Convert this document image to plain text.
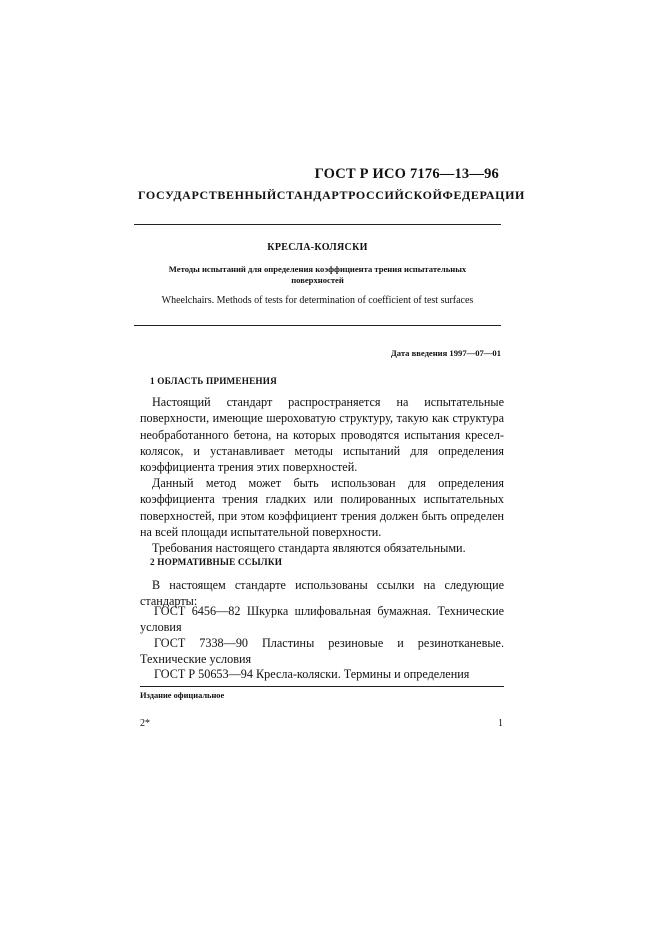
ГОСТ Р ИСО 7176—13—96
ГОСУДАРСТВЕННЫЙ СТАНДАРТ РОССИЙСКОЙ ФЕДЕРАЦИИ
КРЕСЛА-КОЛЯСКИ
Методы испытаний для определения коэффициента трения испытательных
поверхностей
Wheelchairs. Methods of tests for determination of coefficient of test surfaces
Дата введения 1997—07—01
1 ОБЛАСТЬ ПРИМЕНЕНИЯ
Настоящий стандарт распространяется на испытательные поверхности, имеющие шероховатую структуру, такую как структура необработанного бетона, на которых проводятся испытания кресел-колясок, и устанавливает методы испытаний для определения коэффициента трения этих поверхностей.
Данный метод может быть использован для определения коэффициента трения гладких или полированных испытательных поверхностей, при этом коэффициент трения должен быть определен на всей площади испытательной поверхности.
Требования настоящего стандарта являются обязательными.
2 НОРМАТИВНЫЕ ССЫЛКИ
В настоящем стандарте использованы ссылки на следующие стандарты:
ГОСТ 6456—82 Шкурка шлифовальная бумажная. Технические условия
ГОСТ 7338—90 Пластины резиновые и резинотканевые. Технические условия
ГОСТ Р 50653—94 Кресла-коляски. Термины и определения
Издание официальное
2*	1
